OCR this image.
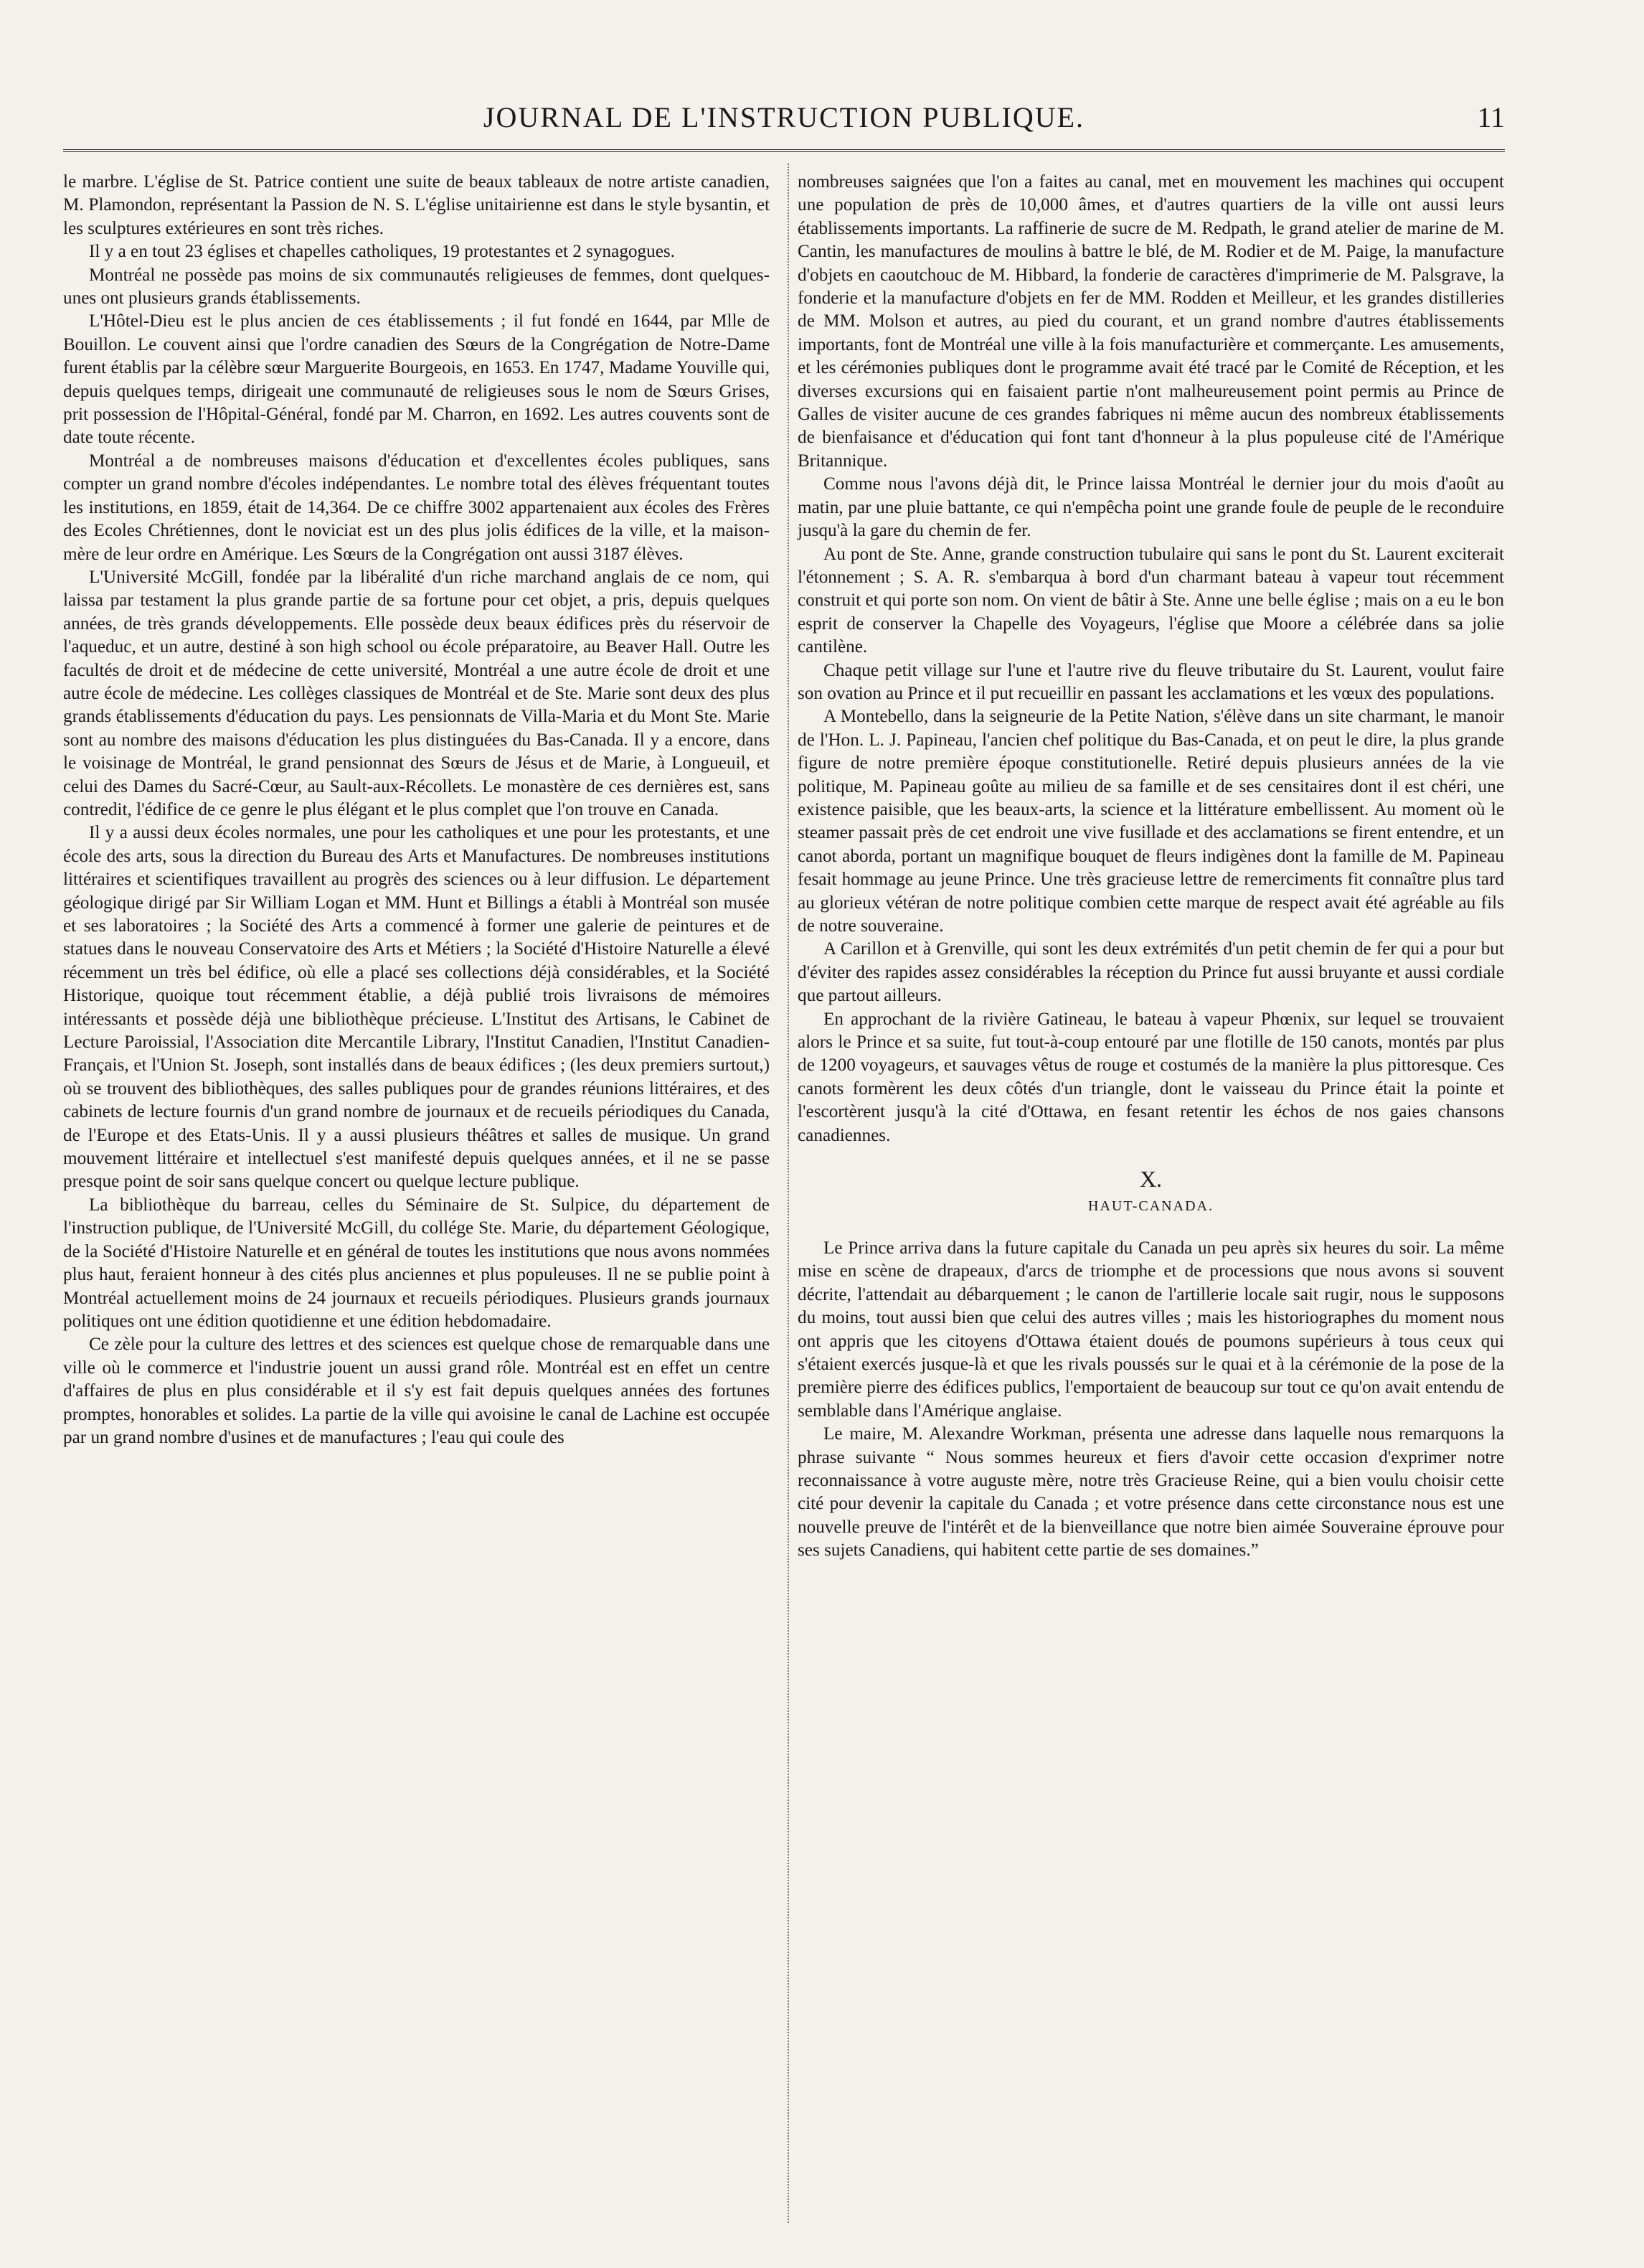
JOURNAL DE L'INSTRUCTION PUBLIQUE.	11

le marbre. L'église de St. Patrice contient une suite de beaux tableaux de notre artiste canadien, M. Plamondon, représentant la Passion de N. S. L'église unitairienne est dans le style bysantin, et les sculptures extérieures en sont très riches.

Il y a en tout 23 églises et chapelles catholiques, 19 protestantes et 2 synagogues.

Montréal ne possède pas moins de six communautés religieuses de femmes, dont quelques-unes ont plusieurs grands établissements.

L'Hôtel-Dieu est le plus ancien de ces établissements ; il fut fondé en 1644, par Mlle de Bouillon. Le couvent ainsi que l'ordre canadien des Sœurs de la Congrégation de Notre-Dame furent établis par la célèbre sœur Marguerite Bourgeois, en 1653. En 1747, Madame Youville qui, depuis quelques temps, dirigeait une communauté de religieuses sous le nom de Sœurs Grises, prit possession de l'Hôpital-Général, fondé par M. Charron, en 1692. Les autres couvents sont de date toute récente.

Montréal a de nombreuses maisons d'éducation et d'excellentes écoles publiques, sans compter un grand nombre d'écoles indépendantes. Le nombre total des élèves fréquentant toutes les institutions, en 1859, était de 14,364. De ce chiffre 3002 appartenaient aux écoles des Frères des Ecoles Chrétiennes, dont le noviciat est un des plus jolis édifices de la ville, et la maison-mère de leur ordre en Amérique. Les Sœurs de la Congrégation ont aussi 3187 élèves.

L'Université McGill, fondée par la libéralité d'un riche marchand anglais de ce nom, qui laissa par testament la plus grande partie de sa fortune pour cet objet, a pris, depuis quelques années, de très grands développements. Elle possède deux beaux édifices près du réservoir de l'aqueduc, et un autre, destiné à son high school ou école préparatoire, au Beaver Hall. Outre les facultés de droit et de médecine de cette université, Montréal a une autre école de droit et une autre école de médecine. Les collèges classiques de Montréal et de Ste. Marie sont deux des plus grands établissements d'éducation du pays. Les pensionnats de Villa-Maria et du Mont Ste. Marie sont au nombre des maisons d'éducation les plus distinguées du Bas-Canada. Il y a encore, dans le voisinage de Montréal, le grand pensionnat des Sœurs de Jésus et de Marie, à Longueuil, et celui des Dames du Sacré-Cœur, au Sault-aux-Récollets. Le monastère de ces dernières est, sans contredit, l'édifice de ce genre le plus élégant et le plus complet que l'on trouve en Canada.

Il y a aussi deux écoles normales, une pour les catholiques et une pour les protestants, et une école des arts, sous la direction du Bureau des Arts et Manufactures. De nombreuses institutions littéraires et scientifiques travaillent au progrès des sciences ou à leur diffusion. Le département géologique dirigé par Sir William Logan et MM. Hunt et Billings a établi à Montréal son musée et ses laboratoires ; la Société des Arts a commencé à former une galerie de peintures et de statues dans le nouveau Conservatoire des Arts et Métiers ; la Société d'Histoire Naturelle a élevé récemment un très bel édifice, où elle a placé ses collections déjà considérables, et la Société Historique, quoique tout récemment établie, a déjà publié trois livraisons de mémoires intéressants et possède déjà une bibliothèque précieuse. L'Institut des Artisans, le Cabinet de Lecture Paroissial, l'Association dite Mercantile Library, l'Institut Canadien, l'Institut Canadien-Français, et l'Union St. Joseph, sont installés dans de beaux édifices ; (les deux premiers surtout,) où se trouvent des bibliothèques, des salles publiques pour de grandes réunions littéraires, et des cabinets de lecture fournis d'un grand nombre de journaux et de recueils périodiques du Canada, de l'Europe et des Etats-Unis. Il y a aussi plusieurs théâtres et salles de musique. Un grand mouvement littéraire et intellectuel s'est manifesté depuis quelques années, et il ne se passe presque point de soir sans quelque concert ou quelque lecture publique.

La bibliothèque du barreau, celles du Séminaire de St. Sulpice, du département de l'instruction publique, de l'Université McGill, du collége Ste. Marie, du département Géologique, de la Société d'Histoire Naturelle et en général de toutes les institutions que nous avons nommées plus haut, feraient honneur à des cités plus anciennes et plus populeuses. Il ne se publie point à Montréal actuellement moins de 24 journaux et recueils périodiques. Plusieurs grands journaux politiques ont une édition quotidienne et une édition hebdomadaire.

Ce zèle pour la culture des lettres et des sciences est quelque chose de remarquable dans une ville où le commerce et l'industrie jouent un aussi grand rôle. Montréal est en effet un centre d'affaires de plus en plus considérable et il s'y est fait depuis quelques années des fortunes promptes, honorables et solides. La partie de la ville qui avoisine le canal de Lachine est occupée par un grand nombre d'usines et de manufactures ; l'eau qui coule des

nombreuses saignées que l'on a faites au canal, met en mouvement les machines qui occupent une population de près de 10,000 âmes, et d'autres quartiers de la ville ont aussi leurs établissements importants. La raffinerie de sucre de M. Redpath, le grand atelier de marine de M. Cantin, les manufactures de moulins à battre le blé, de M. Rodier et de M. Paige, la manufacture d'objets en caoutchouc de M. Hibbard, la fonderie de caractères d'imprimerie de M. Palsgrave, la fonderie et la manufacture d'objets en fer de MM. Rodden et Meilleur, et les grandes distilleries de MM. Molson et autres, au pied du courant, et un grand nombre d'autres établissements importants, font de Montréal une ville à la fois manufacturière et commerçante. Les amusements, et les cérémonies publiques dont le programme avait été tracé par le Comité de Réception, et les diverses excursions qui en faisaient partie n'ont malheureusement point permis au Prince de Galles de visiter aucune de ces grandes fabriques ni même aucun des nombreux établissements de bienfaisance et d'éducation qui font tant d'honneur à la plus populeuse cité de l'Amérique Britannique.

Comme nous l'avons déjà dit, le Prince laissa Montréal le dernier jour du mois d'août au matin, par une pluie battante, ce qui n'empêcha point une grande foule de peuple de le reconduire jusqu'à la gare du chemin de fer.

Au pont de Ste. Anne, grande construction tubulaire qui sans le pont du St. Laurent exciterait l'étonnement ; S. A. R. s'embarqua à bord d'un charmant bateau à vapeur tout récemment construit et qui porte son nom. On vient de bâtir à Ste. Anne une belle église ; mais on a eu le bon esprit de conserver la Chapelle des Voyageurs, l'église que Moore a célébrée dans sa jolie cantilène.

Chaque petit village sur l'une et l'autre rive du fleuve tributaire du St. Laurent, voulut faire son ovation au Prince et il put recueillir en passant les acclamations et les vœux des populations.

A Montebello, dans la seigneurie de la Petite Nation, s'élève dans un site charmant, le manoir de l'Hon. L. J. Papineau, l'ancien chef politique du Bas-Canada, et on peut le dire, la plus grande figure de notre première époque constitutionelle. Retiré depuis plusieurs années de la vie politique, M. Papineau goûte au milieu de sa famille et de ses censitaires dont il est chéri, une existence paisible, que les beaux-arts, la science et la littérature embellissent. Au moment où le steamer passait près de cet endroit une vive fusillade et des acclamations se firent entendre, et un canot aborda, portant un magnifique bouquet de fleurs indigènes dont la famille de M. Papineau fesait hommage au jeune Prince. Une très gracieuse lettre de remerciments fit connaître plus tard au glorieux vétéran de notre politique combien cette marque de respect avait été agréable au fils de notre souveraine.

A Carillon et à Grenville, qui sont les deux extrémités d'un petit chemin de fer qui a pour but d'éviter des rapides assez considérables la réception du Prince fut aussi bruyante et aussi cordiale que partout ailleurs.

En approchant de la rivière Gatineau, le bateau à vapeur Phœnix, sur lequel se trouvaient alors le Prince et sa suite, fut tout-à-coup entouré par une flotille de 150 canots, montés par plus de 1200 voyageurs, et sauvages vêtus de rouge et costumés de la manière la plus pittoresque. Ces canots formèrent les deux côtés d'un triangle, dont le vaisseau du Prince était la pointe et l'escortèrent jusqu'à la cité d'Ottawa, en fesant retentir les échos de nos gaies chansons canadiennes.

X.
HAUT-CANADA.

Le Prince arriva dans la future capitale du Canada un peu après six heures du soir. La même mise en scène de drapeaux, d'arcs de triomphe et de processions que nous avons si souvent décrite, l'attendait au débarquement ; le canon de l'artillerie locale sait rugir, nous le supposons du moins, tout aussi bien que celui des autres villes ; mais les historiographes du moment nous ont appris que les citoyens d'Ottawa étaient doués de poumons supérieurs à tous ceux qui s'étaient exercés jusque-là et que les rivals poussés sur le quai et à la cérémonie de la pose de la première pierre des édifices publics, l'emportaient de beaucoup sur tout ce qu'on avait entendu de semblable dans l'Amérique anglaise.

Le maire, M. Alexandre Workman, présenta une adresse dans laquelle nous remarquons la phrase suivante “ Nous sommes heureux et fiers d'avoir cette occasion d'exprimer notre reconnaissance à votre auguste mère, notre très Gracieuse Reine, qui a bien voulu choisir cette cité pour devenir la capitale du Canada ; et votre présence dans cette circonstance nous est une nouvelle preuve de l'intérêt et de la bienveillance que notre bien aimée Souveraine éprouve pour ses sujets Canadiens, qui habitent cette partie de ses domaines.”
